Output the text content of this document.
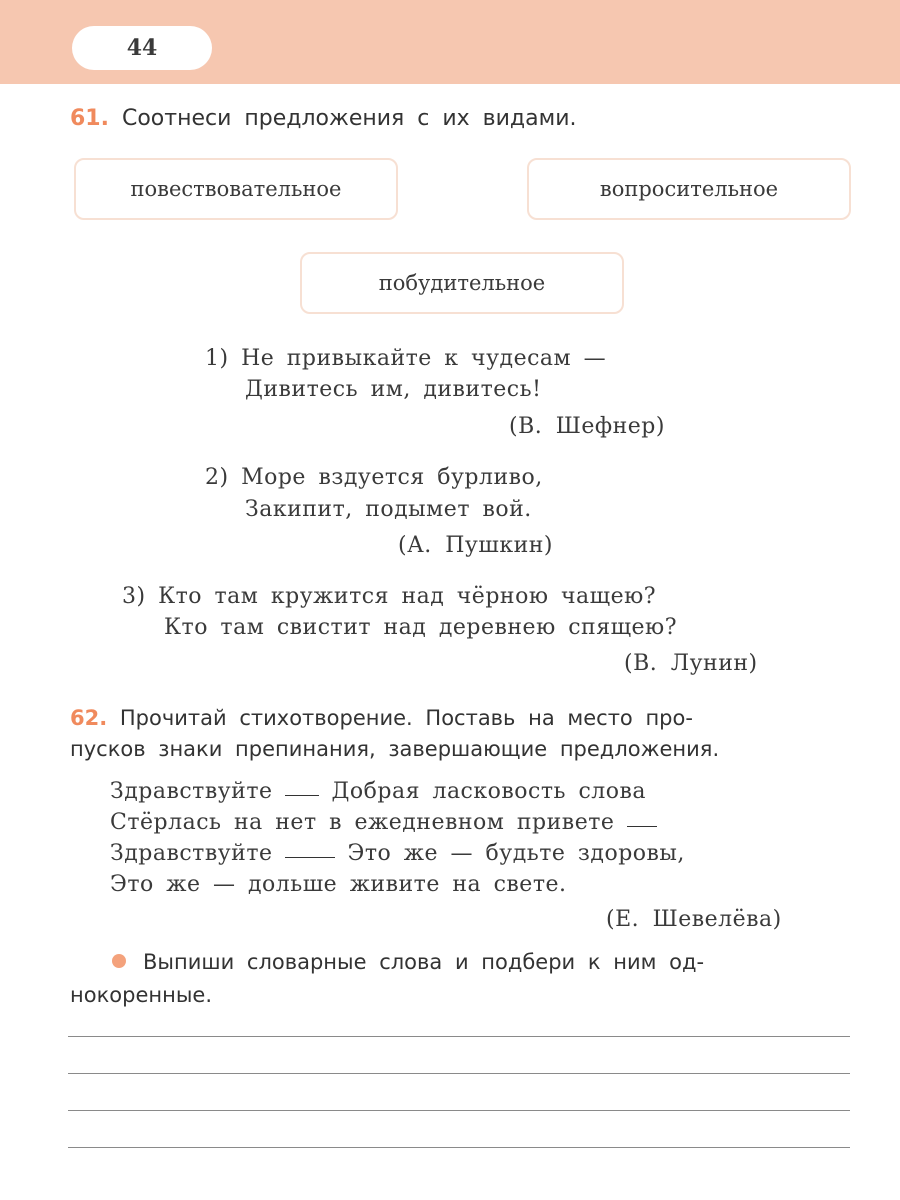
44
61. Соотнеси предложения с их видами.
повествовательное	вопросительное
побудительное
1) Не привыкайте к чудесам —
Дивитесь им, дивитесь!
(В. Шефнер)
2) Море вздуется бурливо,
Закипит, подымет вой.
(А. Пушкин)
3) Кто там кружится над чёрною чащею?
Кто там свистит над деревнею спящею?
(В. Лунин)
62. Прочитай стихотворение. Поставь на место про-
пусков знаки препинания, завершающие предложения.
Здравствуйте	Добрая ласковость слова
Стёрлась на нет в ежедневном привете
Здравствуйте	Это же — будьте здоровы,
Это же — дольше живите на свете.
(Е. Шевелёва)
Выпиши словарные слова и подбери к ним од-
нокоренные.
